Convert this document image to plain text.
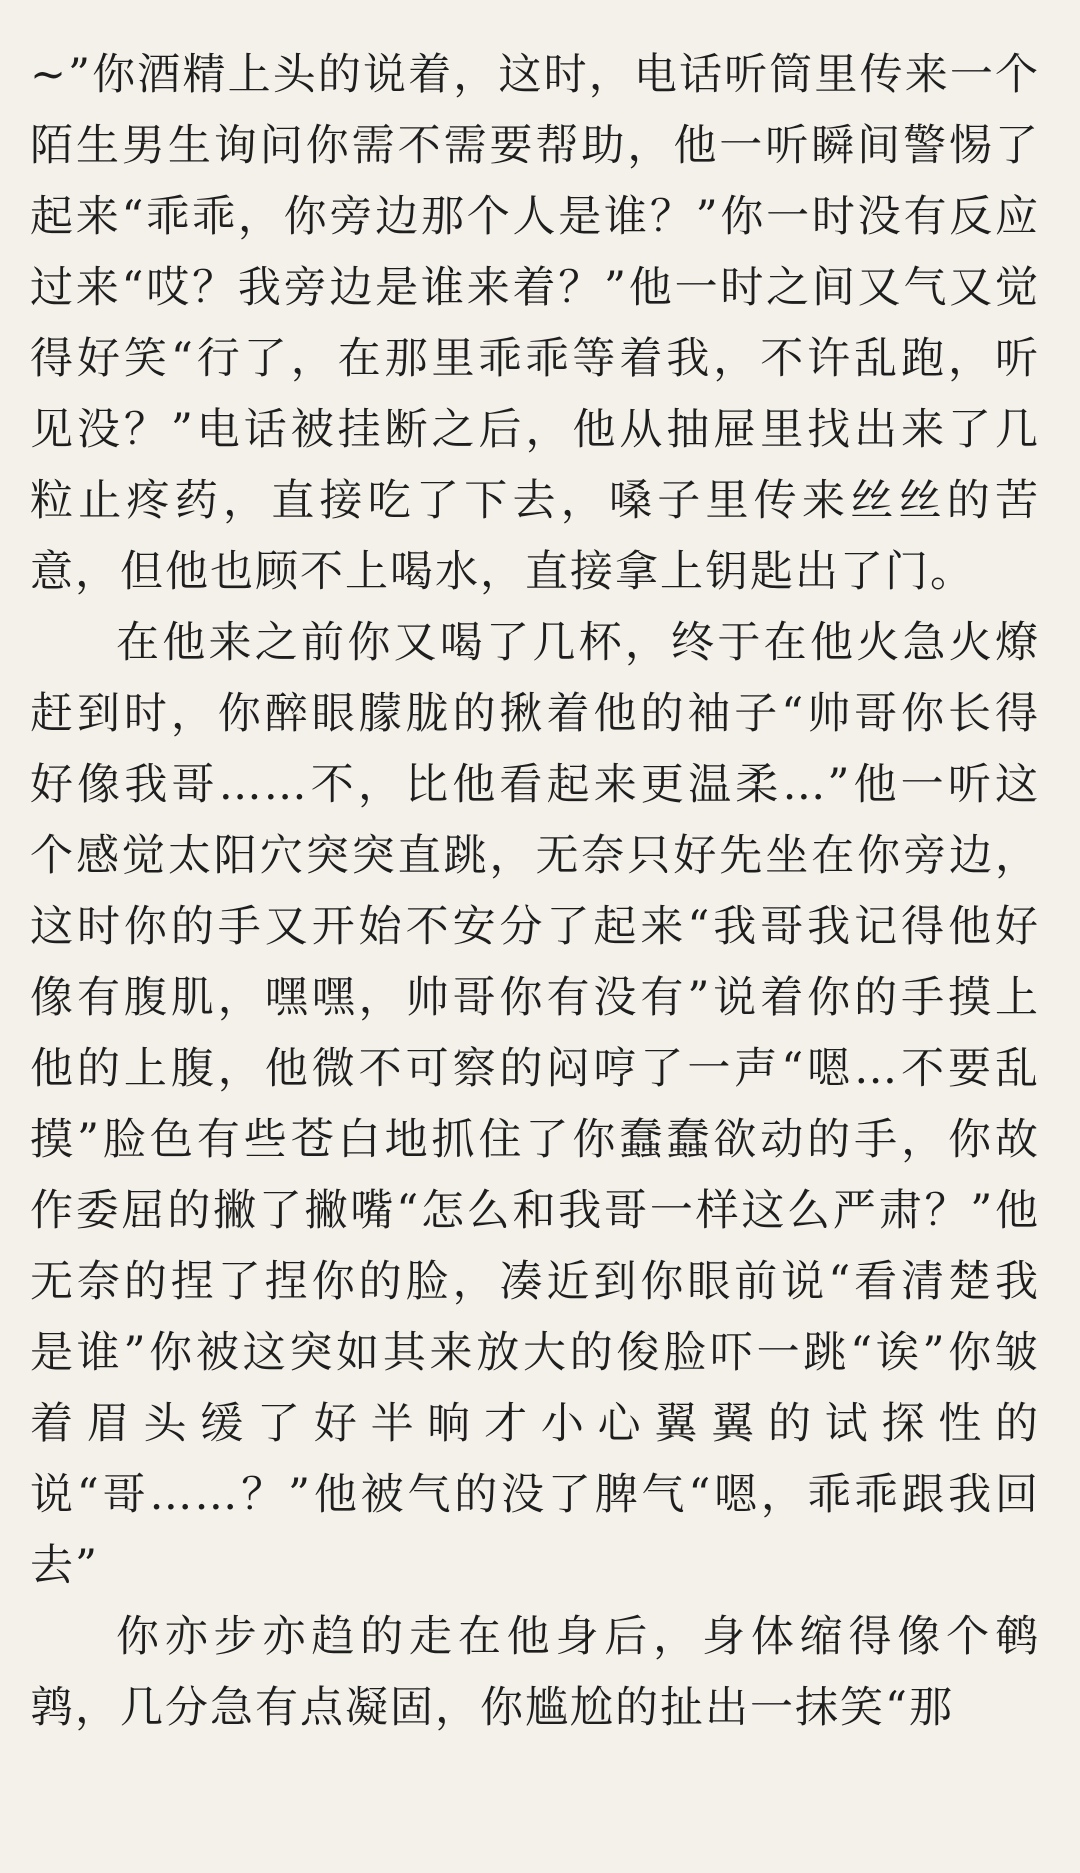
~”你酒精上头的说着，这时，电话听筒里传来一个陌生男生询问你需不需要帮助，他一听瞬间警惕了起来“乖乖，你旁边那个人是谁？”你一时没有反应过来“哎？我旁边是谁来着？”他一时之间又气又觉得好笑“行了，在那里乖乖等着我，不许乱跑，听见没？”电话被挂断之后，他从抽屉里找出来了几粒止疼药，直接吃了下去，嗓子里传来丝丝的苦意，但他也顾不上喝水，直接拿上钥匙出了门。

在他来之前你又喝了几杯，终于在他火急火燎赶到时，你醉眼朦胧的揪着他的袖子“帅哥你长得好像我哥……不，比他看起来更温柔…”他一听这个感觉太阳穴突突直跳，无奈只好先坐在你旁边，这时你的手又开始不安分了起来“我哥我记得他好像有腹肌，嘿嘿，帅哥你有没有”说着你的手摸上他的上腹，他微不可察的闷哼了一声“嗯…不要乱摸”脸色有些苍白地抓住了你蠢蠢欲动的手，你故作委屈的撇了撇嘴“怎么和我哥一样这么严肃？”他无奈的捏了捏你的脸，凑近到你眼前说“看清楚我是谁”你被这突如其来放大的俊脸吓一跳“诶”你皱着眉头缓了好半晌才小心翼翼的试探性的说“哥……？”他被气的没了脾气“嗯，乖乖跟我回去”

你亦步亦趋的走在他身后，身体缩得像个鹌鹑，几分急有点凝固，你尴尬的扯出一抹笑“那
